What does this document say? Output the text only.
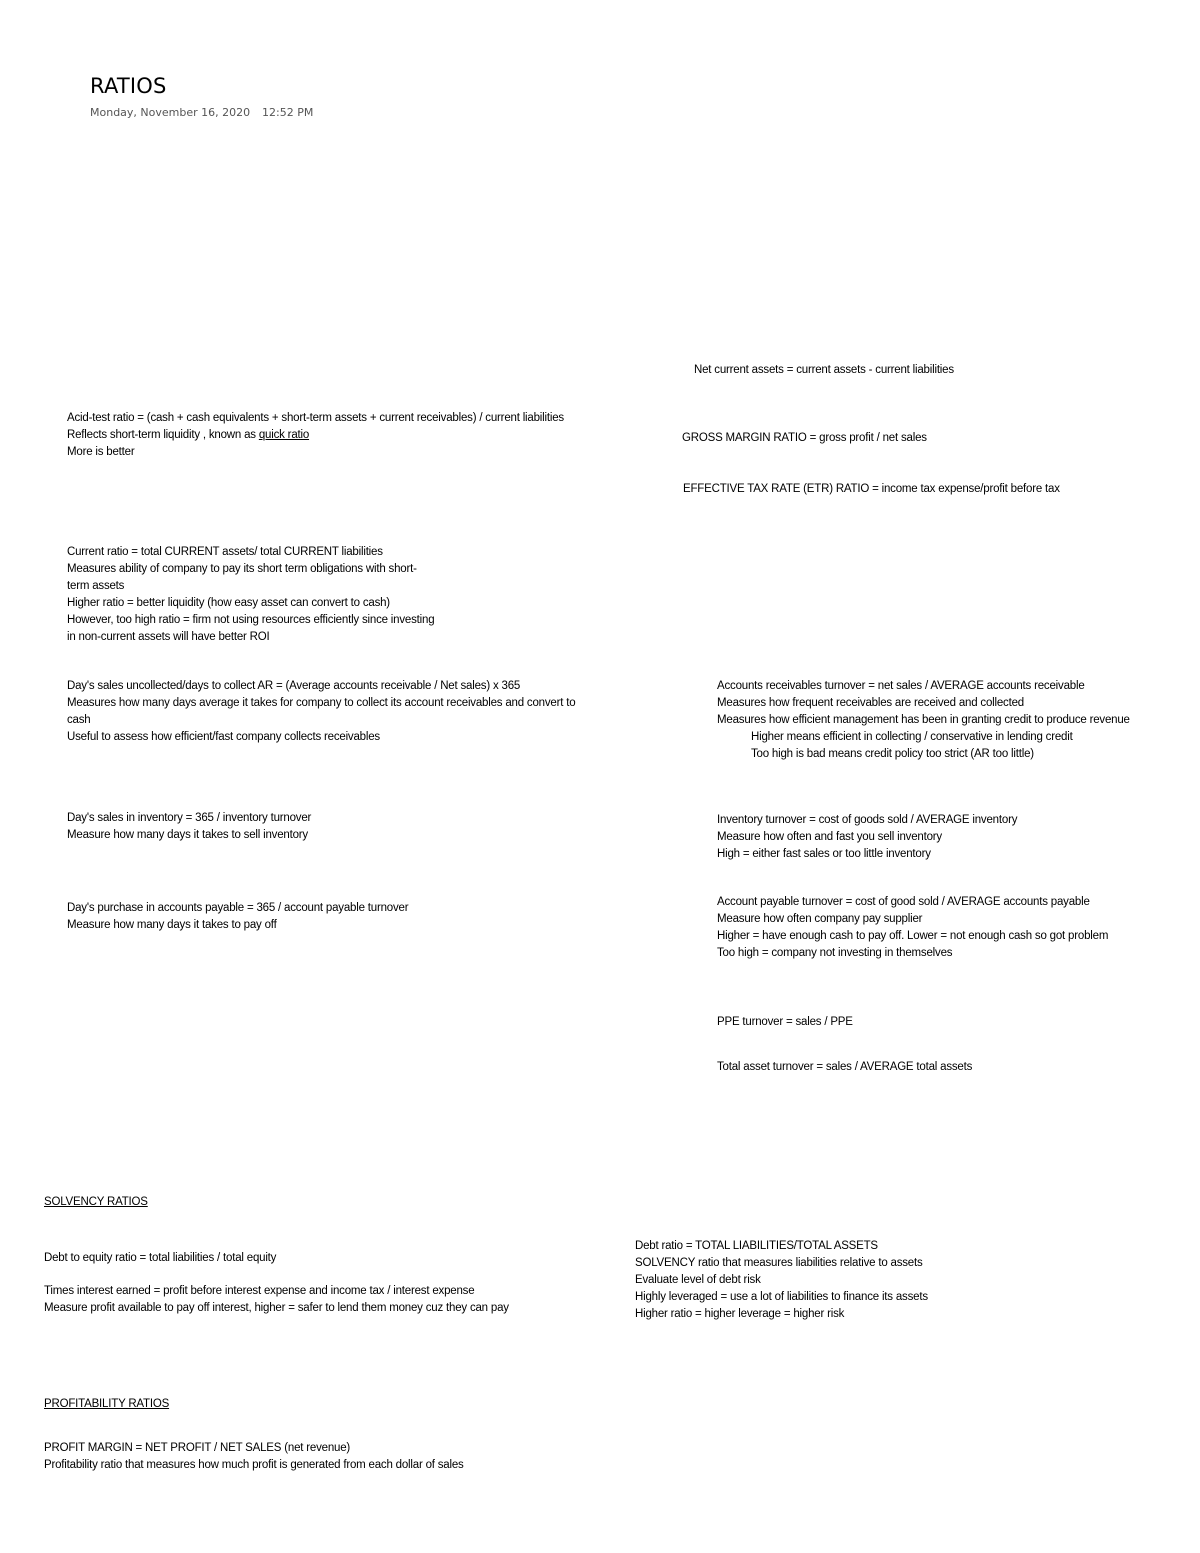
RATIOS
Monday, November 16, 2020 12:52 PM
Net current assets = current assets - current liabilities
Acid-test ratio = (cash + cash equivalents + short-term assets + current receivables) / current liabilities
Reflects short-term liquidity , known as quick ratio
More is better
GROSS MARGIN RATIO = gross profit / net sales
EFFECTIVE TAX RATE (ETR) RATIO = income tax expense/profit before tax
Current ratio = total CURRENT assets/ total CURRENT liabilities
Measures ability of company to pay its short term obligations with short-
term assets
Higher ratio = better liquidity (how easy asset can convert to cash)
However, too high ratio = firm not using resources efficiently since investing
in non-current assets will have better ROI
Day's sales uncollected/days to collect AR = (Average accounts receivable / Net sales) x 365
Measures how many days average it takes for company to collect its account receivables and convert to
cash
Useful to assess how efficient/fast company collects receivables
Accounts receivables turnover = net sales / AVERAGE accounts receivable
Measures how frequent receivables are received and collected
Measures how efficient management has been in granting credit to produce revenue
Higher means efficient in collecting / conservative in lending credit
Too high is bad means credit policy too strict (AR too little)
Day's sales in inventory = 365 / inventory turnover
Measure how many days it takes to sell inventory
Inventory turnover = cost of goods sold / AVERAGE inventory
Measure how often and fast you sell inventory
High = either fast sales or too little inventory
Day's purchase in accounts payable = 365 / account payable turnover
Measure how many days it takes to pay off
Account payable turnover = cost of good sold / AVERAGE accounts payable
Measure how often company pay supplier
Higher = have enough cash to pay off. Lower = not enough cash so got problem
Too high = company not investing in themselves
PPE turnover = sales / PPE
Total asset turnover = sales / AVERAGE total assets
SOLVENCY RATIOS
Debt ratio = TOTAL LIABILITIES/TOTAL ASSETS
SOLVENCY ratio that measures liabilities relative to assets
Evaluate level of debt risk
Highly leveraged = use a lot of liabilities to finance its assets
Higher ratio = higher leverage = higher risk
Debt to equity ratio = total liabilities / total equity
Times interest earned = profit before interest expense and income tax / interest expense
Measure profit available to pay off interest, higher = safer to lend them money cuz they can pay
PROFITABILITY RATIOS
PROFIT MARGIN = NET PROFIT / NET SALES (net revenue)
Profitability ratio that measures how much profit is generated from each dollar of sales
